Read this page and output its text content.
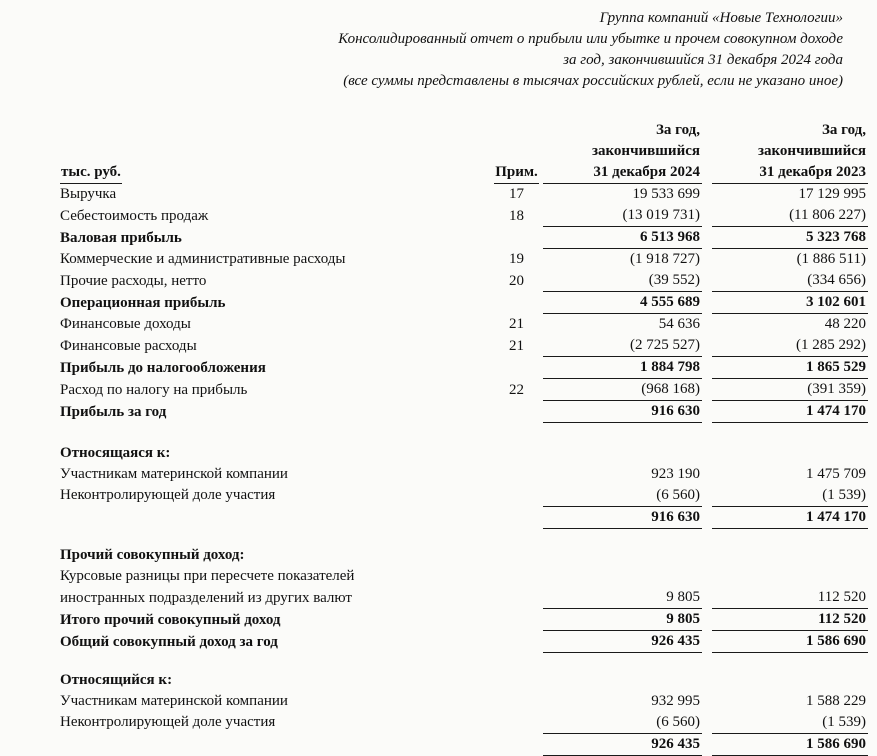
Группа компаний «Новые Технологии»
Консолидированный отчет о прибыли или убытке и прочем совокупном доходе
за год, закончившийся 31 декабря 2024 года
(все суммы представлены в тысячах российских рублей, если не указано иное)
тыс. руб.	Прим.	
За год,
закончившийся
31 декабря 2024

За год,
закончившийся
31 декабря 2023

Выручка	17	19 533 699		17 129 995
Себестоимость продаж	18	(13 019 731)		(11 806 227)
Валовая прибыль		6 513 968		5 323 768
Коммерческие и административные расходы	19	(1 918 727)		(1 886 511)
Прочие расходы, нетто	20	(39 552)		(334 656)
Операционная прибыль		4 555 689		3 102 601
Финансовые доходы	21	54 636		48 220
Финансовые расходы	21	(2 725 527)		(1 285 292)
Прибыль до налогообложения		1 884 798		1 865 529
Расход по налогу на прибыль	22	(968 168)		(391 359)
Прибыль за год		916 630		1 474 170

Относящаяся к:				
Участникам материнской компании		923 190		1 475 709
Неконтролирующей доле участия		(6 560)		(1 539)
		916 630		1 474 170

Прочий совокупный доход:				
Курсовые разницы при пересчете показателей				
иностранных подразделений из других валют		9 805		112 520
Итого прочий совокупный доход		9 805		112 520
Общий совокупный доход за год		926 435		1 586 690

Относящийся к:				
Участникам материнской компании		932 995		1 588 229
Неконтролирующей доле участия		(6 560)		(1 539)
		926 435		1 586 690
